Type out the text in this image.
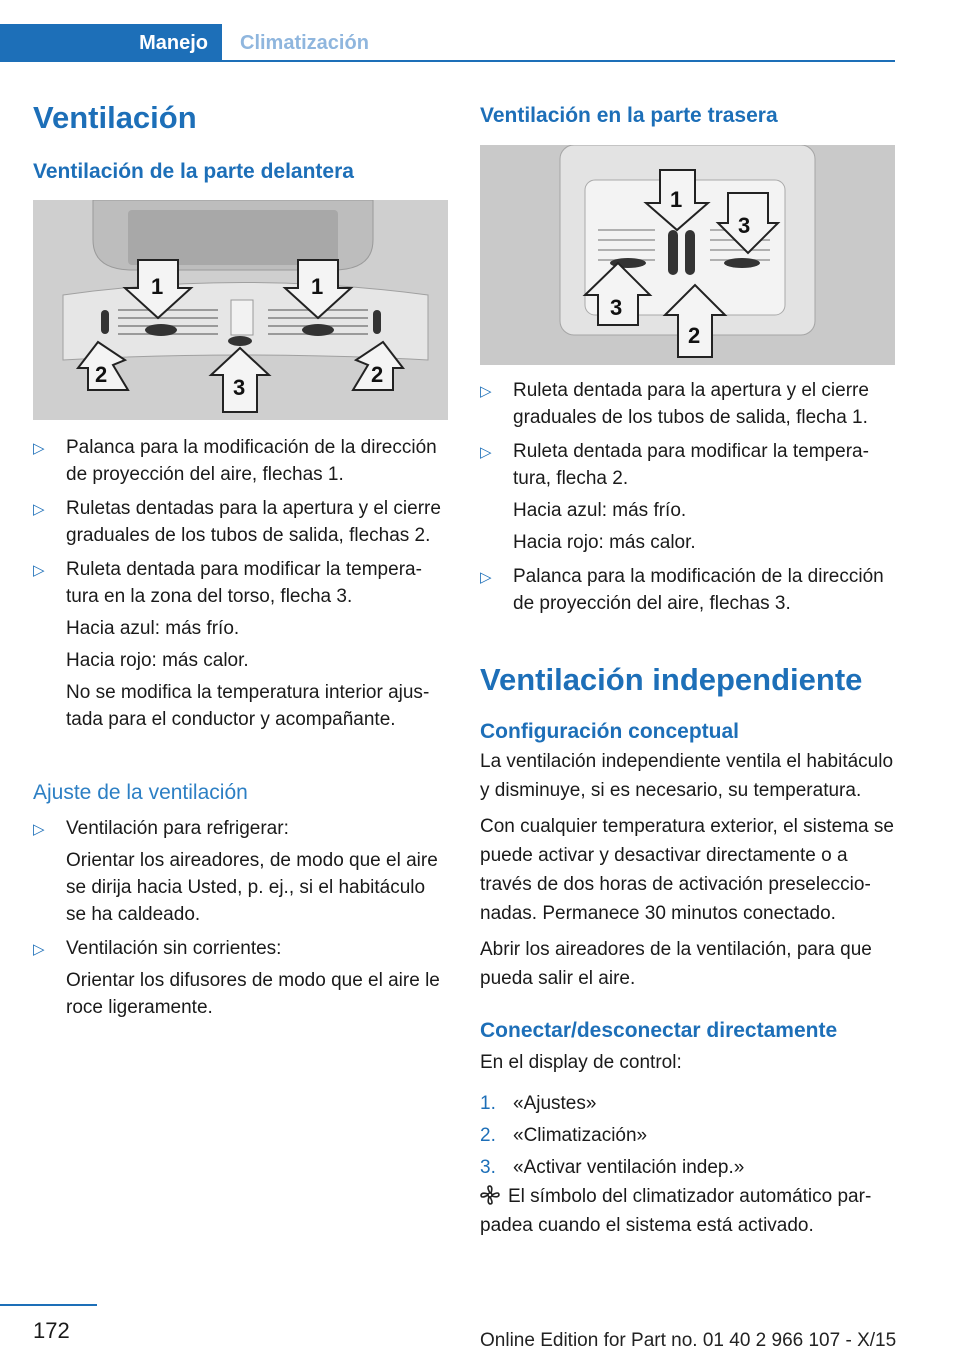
Manejo	Climatización
Ventilación
Ventilación de la parte delantera
1	1
2	2
3
▷ Palanca para la modificación de la dirección de proyección del aire, flechas 1.
▷ Ruletas dentadas para la apertura y el cierre graduales de los tubos de salida, flechas 2.
▷ Ruleta dentada para modificar la temperatura en la zona del torso, flecha 3.
Hacia azul: más frío.
Hacia rojo: más calor.
No se modifica la temperatura interior ajustada para el conductor y acompañante.
Ajuste de la ventilación
▷ Ventilación para refrigerar:
Orientar los aireadores, de modo que el aire se dirija hacia Usted, p. ej., si el habitáculo se ha caldeado.
▷ Ventilación sin corrientes:
Orientar los difusores de modo que el aire le roce ligeramente.
Ventilación en la parte trasera
1
3
3
2
▷ Ruleta dentada para la apertura y el cierre graduales de los tubos de salida, flecha 1.
▷ Ruleta dentada para modificar la temperatura, flecha 2.
Hacia azul: más frío.
Hacia rojo: más calor.
▷ Palanca para la modificación de la dirección de proyección del aire, flechas 3.
Ventilación independiente
Configuración conceptual

La ventilación independiente ventila el habitáculo y disminuye, si es necesario, su temperatura.

Con cualquier temperatura exterior, el sistema se puede activar y desactivar directamente o a través de dos horas de activación preseleccionadas. Permanece 30 minutos conectado.

Abrir los aireadores de la ventilación, para que pueda salir el aire.

Conectar/desconectar directamente
En el display de control:
1. «Ajustes»
2. «Climatización»
3. «Activar ventilación indep.»
El símbolo del climatizador automático parpadea cuando el sistema está activado.
172	Online Edition for Part no. 01 40 2 966 107 - X/15
